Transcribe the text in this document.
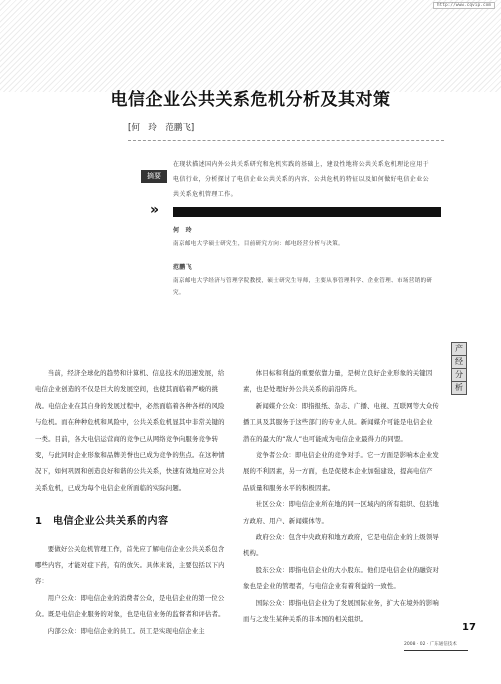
http://www.cqvip.com
电信企业公共关系危机分析及其对策
[何　玲　范鹏飞]
摘要
在现状描述国内外公共关系研究和危机实践的基础上，建设性地将公共关系危机理论应用于电信行业，分析探讨了电信企业公共关系的内容、公共危机的特征以及如何做好电信企业公共关系危机管理工作。
»
何　玲
南京邮电大学硕士研究生，目前研究方向：邮电经营分析与决策。
范鹏飞
南京邮电大学经济与管理学院教授，硕士研究生导师，主要从事管理科学、企业管理、市场营销的研究。
产
经
分
析

当前，经济全球化的趋势和计算机、信息技术的迅速发展，给电信企业创造的不仅是巨大的发展空间，也使其面临着严峻的挑战。电信企业在其自身的发展过程中，必然面临着各种各样的风险与危机。而在种种危机和风险中，公共关系危机显其中非常关键的一类。目前，各大电信运营商的竞争已从网络竞争向服务竞争转变，与此同时企业形象和品牌美誉也已成为竞争的焦点。在这种情况下，如何巩固和创造良好和谐的公共关系，快速有效地应对公共关系危机，已成为每个电信企业所面临的实际问题。

1　电信企业公共关系的内容

要做好公关危机管理工作，首先应了解电信企业公共关系包含哪些内容，才能对症下药，有的放矢。具体来说，主要包括以下内容：

用户公众：即电信企业的消费者公众，是电信企业的第一位公众。既是电信企业服务的对象，也是电信业务的监督者和评估者。

内部公众：即电信企业的员工。员工是实现电信企业主

体目标和利益的重要依靠力量，是树立良好企业形象的关键因素，也是处理好外公共关系的前沿阵兵。

新闻媒介公众：即指报纸、杂志、广播、电视、互联网等大众传播工具及其服务于这些部门的专业人员。新闻媒介可能是电信企业潜在的最大的“敌人”也可能成为电信企业最得力的同盟。

竞争者公众：即电信企业的竞争对手。它一方面是影响本企业发展的不利因素，另一方面，也是促使本企业加强建设，提高电信产品质量和服务水平的积极因素。

社区公众：即电信企业所在地的同一区域内的所有组织、包括地方政府、用户、新闻媒体等。

政府公众：包含中央政府和地方政府，它是电信企业的上级领导机构。

股东公众：即指电信企业的大小股东。他们是电信企业的融资对象也是企业的管理者，与电信企业有着利益的一致性。

国际公众：即指电信企业为了发展国际业务，扩大在境外的影响而与之发生某种关系的非本国的相关组织。

17
2008 · 02 · 广东通信技术
